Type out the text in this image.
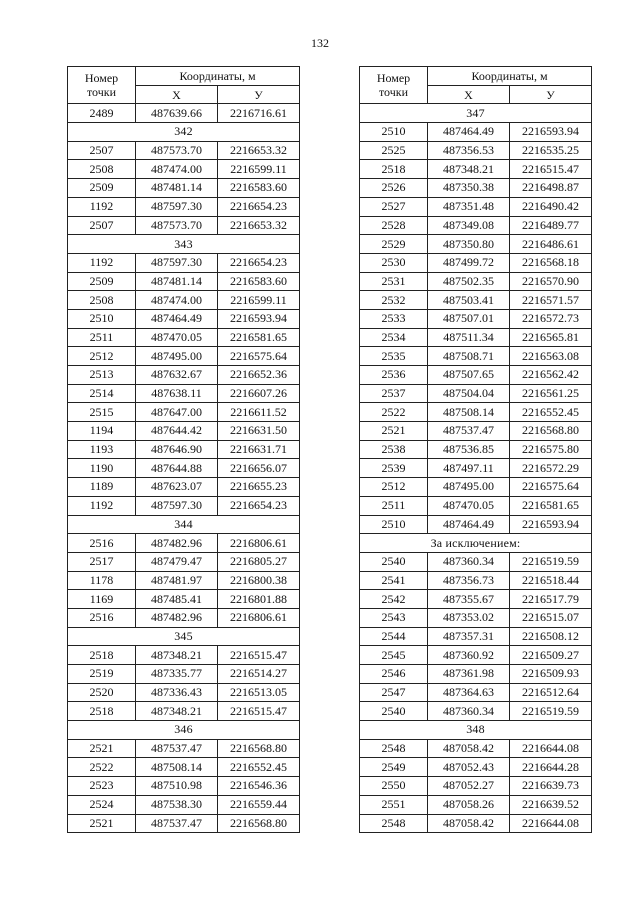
132
Номер точки	Координаты, м	
	X	У
2489	487639.66	2216716.61
342		
2507	487573.70	2216653.32
2508	487474.00	2216599.11
2509	487481.14	2216583.60
1192	487597.30	2216654.23
2507	487573.70	2216653.32
343		
1192	487597.30	2216654.23
2509	487481.14	2216583.60
2508	487474.00	2216599.11
2510	487464.49	2216593.94
2511	487470.05	2216581.65
2512	487495.00	2216575.64
2513	487632.67	2216652.36
2514	487638.11	2216607.26
2515	487647.00	2216611.52
1194	487644.42	2216631.50
1193	487646.90	2216631.71
1190	487644.88	2216656.07
1189	487623.07	2216655.23
1192	487597.30	2216654.23
344		
2516	487482.96	2216806.61
2517	487479.47	2216805.27
1178	487481.97	2216800.38
1169	487485.41	2216801.88
2516	487482.96	2216806.61
345		
2518	487348.21	2216515.47
2519	487335.77	2216514.27
2520	487336.43	2216513.05
2518	487348.21	2216515.47
346		
2521	487537.47	2216568.80
2522	487508.14	2216552.45
2523	487510.98	2216546.36
2524	487538.30	2216559.44
2521	487537.47	2216568.80
Номер точки	Координаты, м	
	X	У
347		
2510	487464.49	2216593.94
2525	487356.53	2216535.25
2518	487348.21	2216515.47
2526	487350.38	2216498.87
2527	487351.48	2216490.42
2528	487349.08	2216489.77
2529	487350.80	2216486.61
2530	487499.72	2216568.18
2531	487502.35	2216570.90
2532	487503.41	2216571.57
2533	487507.01	2216572.73
2534	487511.34	2216565.81
2535	487508.71	2216563.08
2536	487507.65	2216562.42
2537	487504.04	2216561.25
2522	487508.14	2216552.45
2521	487537.47	2216568.80
2538	487536.85	2216575.80
2539	487497.11	2216572.29
2512	487495.00	2216575.64
2511	487470.05	2216581.65
2510	487464.49	2216593.94
За исключением:		
2540	487360.34	2216519.59
2541	487356.73	2216518.44
2542	487355.67	2216517.79
2543	487353.02	2216515.07
2544	487357.31	2216508.12
2545	487360.92	2216509.27
2546	487361.98	2216509.93
2547	487364.63	2216512.64
2540	487360.34	2216519.59
348		
2548	487058.42	2216644.08
2549	487052.43	2216644.28
2550	487052.27	2216639.73
2551	487058.26	2216639.52
2548	487058.42	2216644.08
